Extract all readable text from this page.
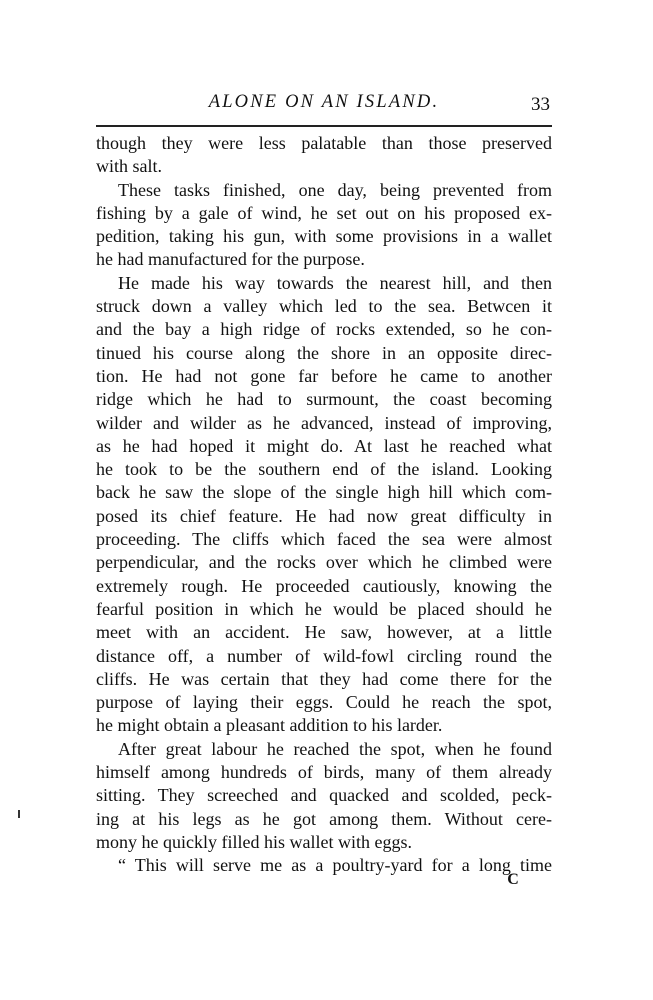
ALONE ON AN ISLAND.	33
though they were less palatable than those preserved
with salt.
These tasks finished, one day, being prevented from
fishing by a gale of wind, he set out on his proposed ex-
pedition, taking his gun, with some provisions in a wallet
he had manufactured for the purpose.
He made his way towards the nearest hill, and then
struck down a valley which led to the sea. Betwcen it
and the bay a high ridge of rocks extended, so he con-
tinued his course along the shore in an opposite direc-
tion. He had not gone far before he came to another
ridge which he had to surmount, the coast becoming
wilder and wilder as he advanced, instead of improving,
as he had hoped it might do. At last he reached what
he took to be the southern end of the island. Looking
back he saw the slope of the single high hill which com-
posed its chief feature. He had now great difficulty in
proceeding. The cliffs which faced the sea were almost
perpendicular, and the rocks over which he climbed were
extremely rough. He proceeded cautiously, knowing the
fearful position in which he would be placed should he
meet with an accident. He saw, however, at a little
distance off, a number of wild-fowl circling round the
cliffs. He was certain that they had come there for the
purpose of laying their eggs. Could he reach the spot,
he might obtain a pleasant addition to his larder.
After great labour he reached the spot, when he found
himself among hundreds of birds, many of them already
sitting. They screeched and quacked and scolded, peck-
ing at his legs as he got among them. Without cere-
mony he quickly filled his wallet with eggs.
“ This will serve me as a poultry-yard for a long time
C
